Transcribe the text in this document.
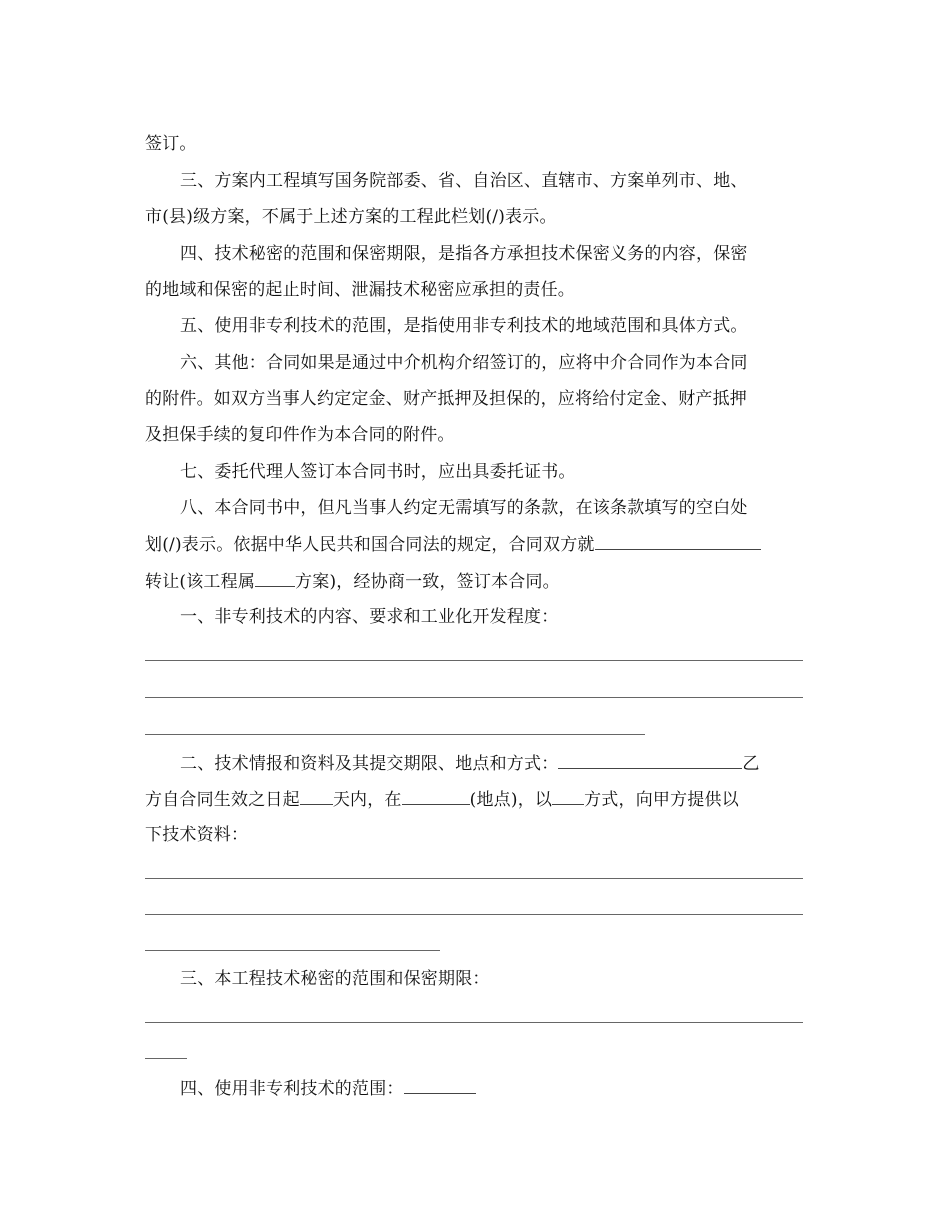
签订。
三、方案内工程填写国务院部委、省、自治区、直辖市、方案单列市、地、
市(县)级方案，不属于上述方案的工程此栏划(/)表示。
四、技术秘密的范围和保密期限，是指各方承担技术保密义务的内容，保密
的地域和保密的起止时间、泄漏技术秘密应承担的责任。
五、使用非专利技术的范围，是指使用非专利技术的地域范围和具体方式。
六、其他：合同如果是通过中介机构介绍签订的，应将中介合同作为本合同
的附件。如双方当事人约定定金、财产抵押及担保的，应将给付定金、财产抵押
及担保手续的复印件作为本合同的附件。
七、委托代理人签订本合同书时，应出具委托证书。
八、本合同书中，但凡当事人约定无需填写的条款，在该条款填写的空白处
划(/)表示。依据中华人民共和国合同法的规定，合同双方就
转让(该工程属 方案)，经协商一致，签订本合同。
一、非专利技术的内容、要求和工业化开发程度：
二、技术情报和资料及其提交期限、地点和方式：	乙
方自合同生效之日起 天内，在	(地点)，以 方式，向甲方提供以
下技术资料：
三、本工程技术秘密的范围和保密期限：
四、使用非专利技术的范围：
